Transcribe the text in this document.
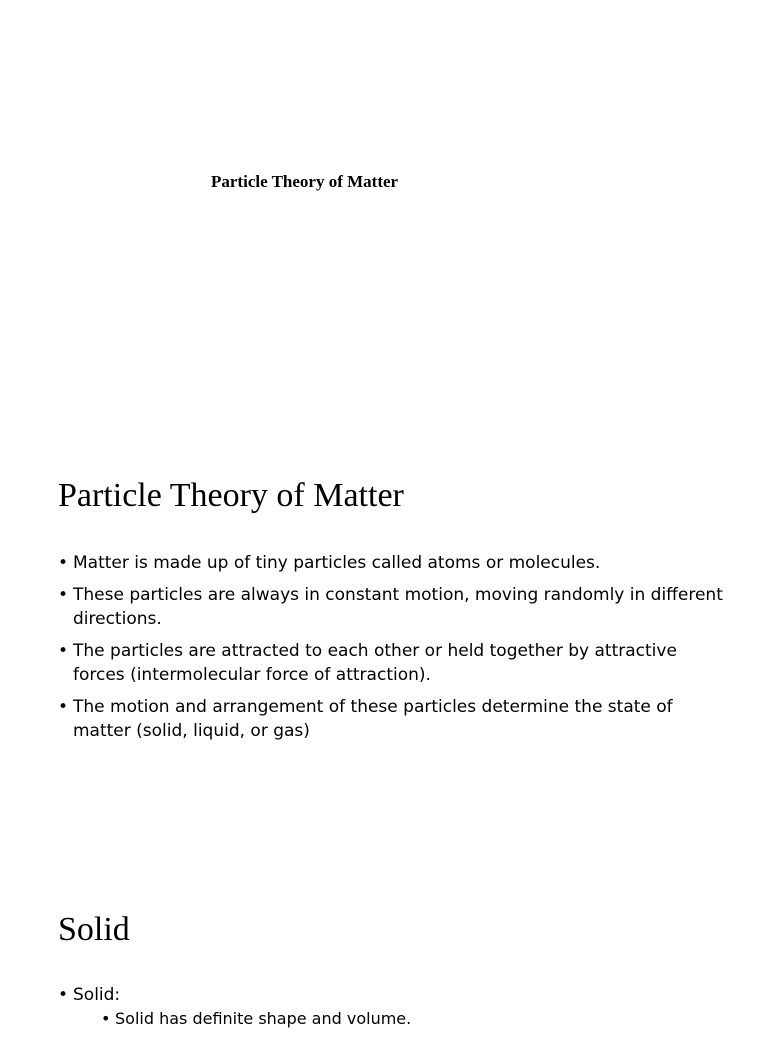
Particle Theory of Matter
Particle Theory of Matter
• Matter is made up of tiny particles called atoms or molecules.
• These particles are always in constant motion, moving randomly in different directions.
• The particles are attracted to each other or held together by attractive forces (intermolecular force of attraction).
• The motion and arrangement of these particles determine the state of matter (solid, liquid, or gas)
Solid
• Solid:
• Solid has definite shape and volume.
